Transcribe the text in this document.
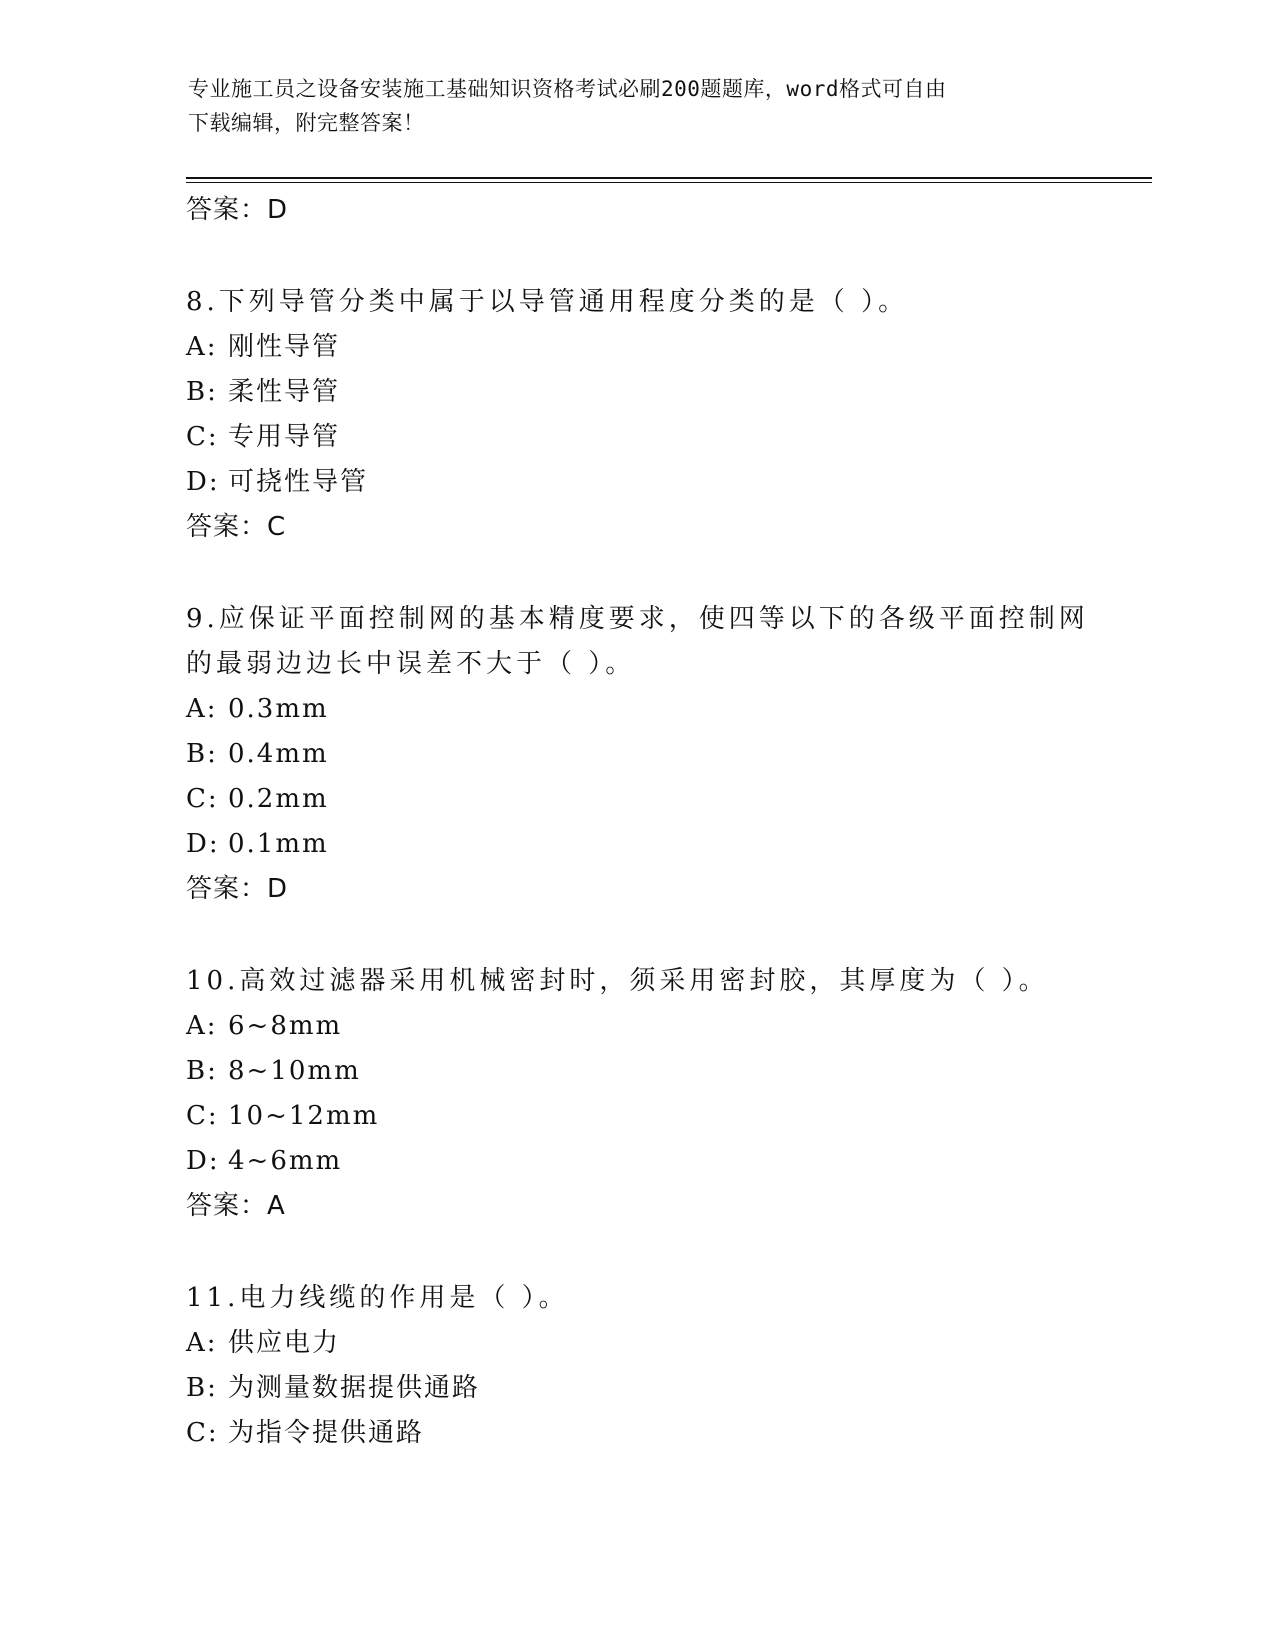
专业施工员之设备安装施工基础知识资格考试必刷200题题库，word格式可自由
下载编辑，附完整答案！
答案：D
8.下列导管分类中属于以导管通用程度分类的是（ ）。
A: 刚性导管
B: 柔性导管
C: 专用导管
D: 可挠性导管
答案：C
9.应保证平面控制网的基本精度要求，使四等以下的各级平面控制网
的最弱边边长中误差不大于（ ）。
A: 0.3mm
B: 0.4mm
C: 0.2mm
D: 0.1mm
答案：D
10.高效过滤器采用机械密封时，须采用密封胶，其厚度为（ ）。
A: 6~8mm
B: 8~10mm
C: 10~12mm
D: 4~6mm
答案：A
11.电力线缆的作用是（ ）。
A: 供应电力
B: 为测量数据提供通路
C: 为指令提供通路
